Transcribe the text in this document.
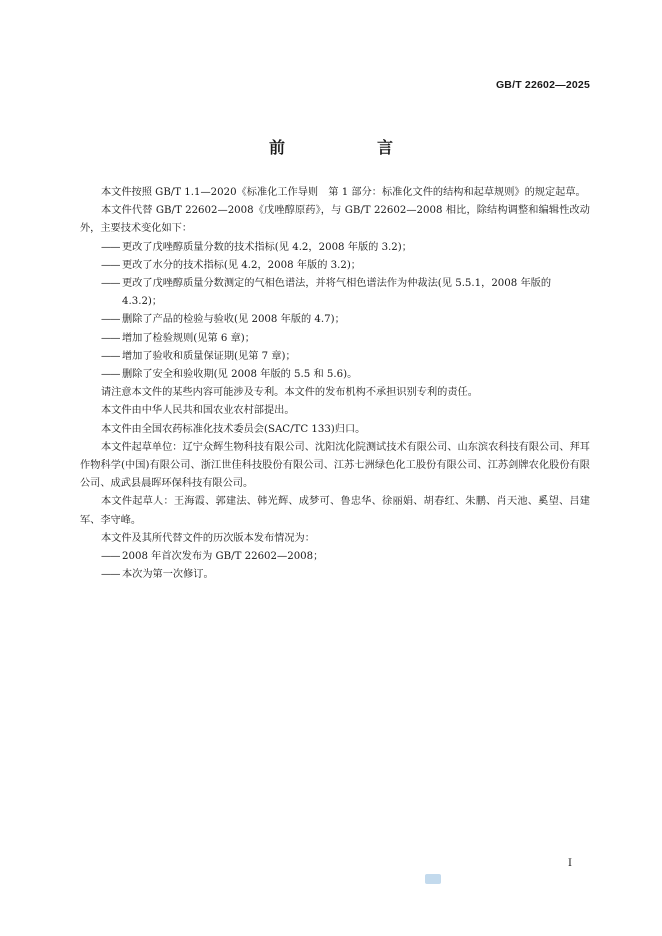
GB/T 22602—2025
前　言

本文件按照 GB/T 1.1—2020《标准化工作导则　第 1 部分：标准化文件的结构和起草规则》的规定起草。

本文件代替 GB/T 22602—2008《戊唑醇原药》，与 GB/T 22602—2008 相比，除结构调整和编辑性改动外，主要技术变化如下：

—— 更改了戊唑醇质量分数的技术指标(见 4.2，2008 年版的 3.2)；

—— 更改了水分的技术指标(见 4.2，2008 年版的 3.2)；

—— 更改了戊唑醇质量分数测定的气相色谱法，并将气相色谱法作为仲裁法(见 5.5.1，2008 年版的 4.3.2)；

—— 删除了产品的检验与验收(见 2008 年版的 4.7)；

—— 增加了检验规则(见第 6 章)；

—— 增加了验收和质量保证期(见第 7 章)；

—— 删除了安全和验收期(见 2008 年版的 5.5 和 5.6)。

请注意本文件的某些内容可能涉及专利。本文件的发布机构不承担识别专利的责任。

本文件由中华人民共和国农业农村部提出。

本文件由全国农药标准化技术委员会(SAC/TC 133)归口。

本文件起草单位：辽宁众辉生物科技有限公司、沈阳沈化院测试技术有限公司、山东滨农科技有限公司、拜耳作物科学(中国)有限公司、浙江世佳科技股份有限公司、江苏七洲绿色化工股份有限公司、江苏剑牌农化股份有限公司、成武县晨晖环保科技有限公司。

本文件起草人：王海霞、郭建法、韩光辉、成梦可、鲁忠华、徐丽娟、胡春红、朱鹏、肖天池、奚望、吕建军、李守峰。

本文件及其所代替文件的历次版本发布情况为：

—— 2008 年首次发布为 GB/T 22602—2008；

—— 本次为第一次修订。

I
